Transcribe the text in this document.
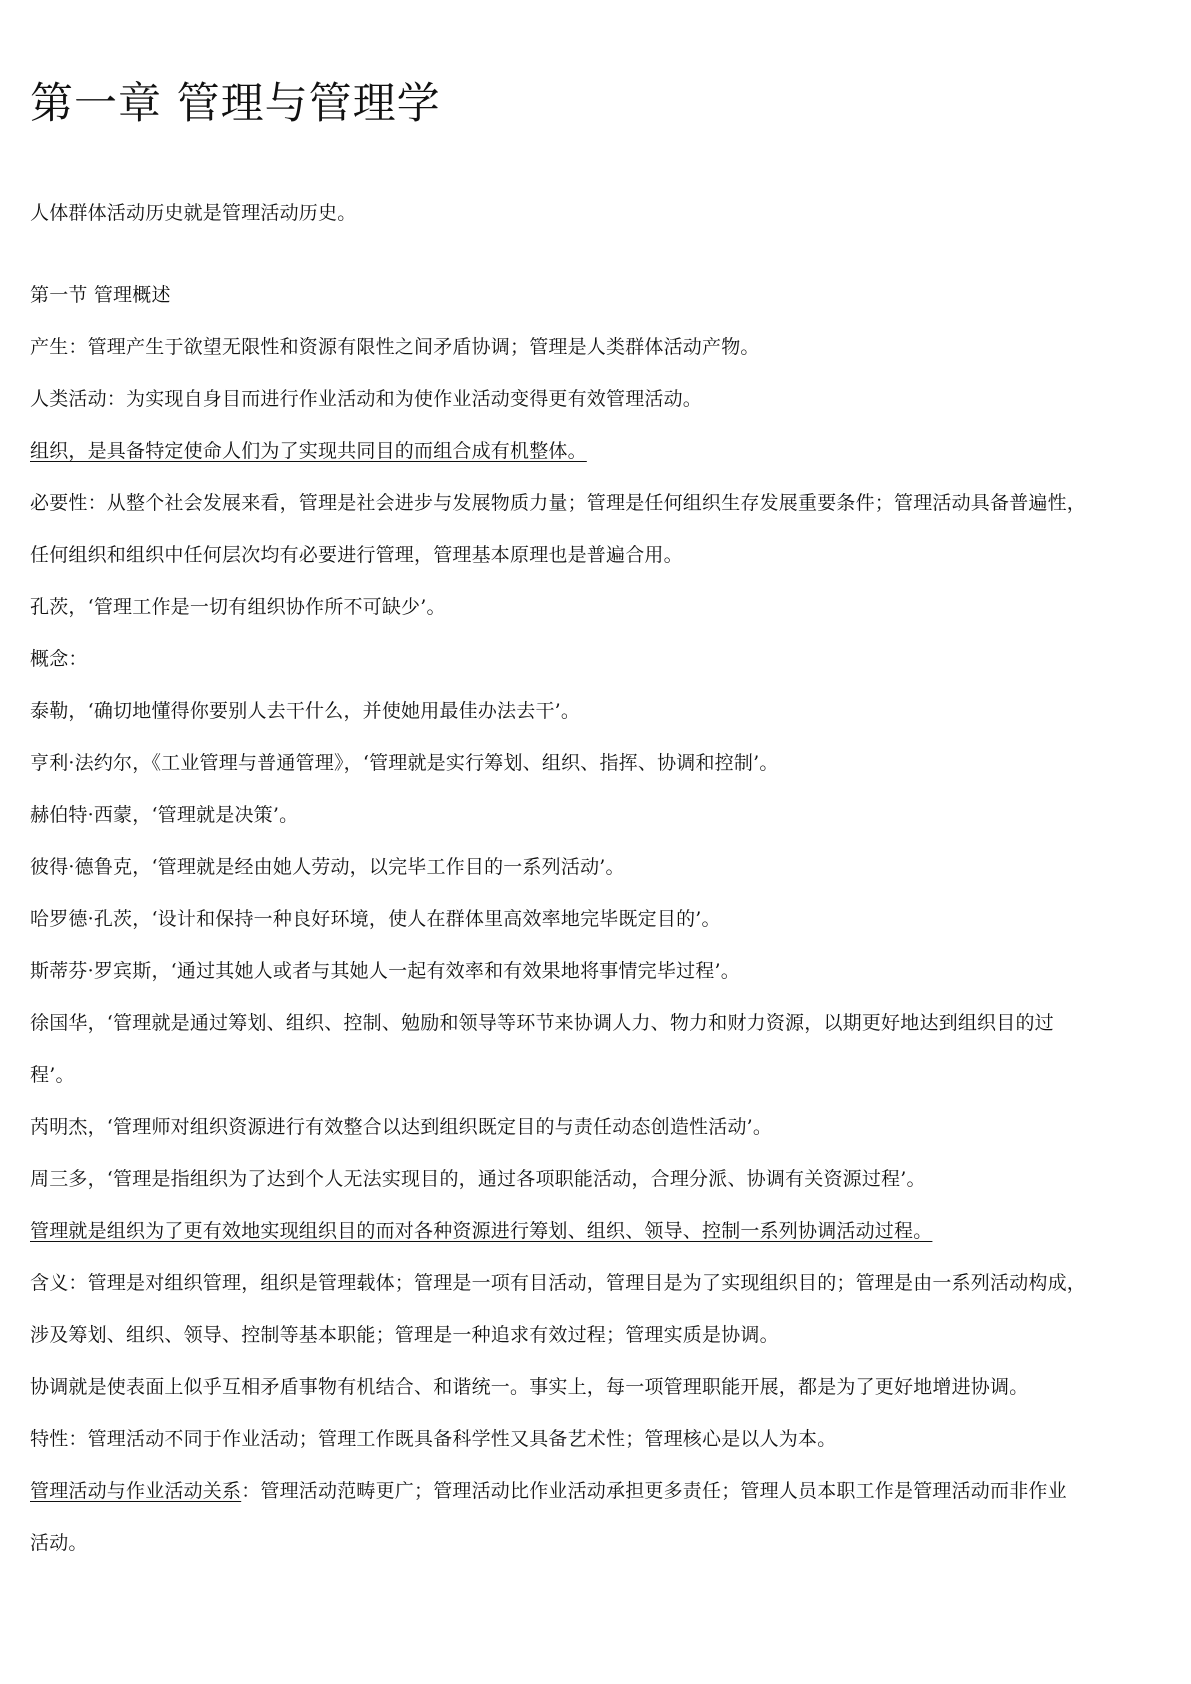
第一章 管理与管理学
人体群体活动历史就是管理活动历史。
第一节 管理概述
产生：管理产生于欲望无限性和资源有限性之间矛盾协调；管理是人类群体活动产物。
人类活动：为实现自身目而进行作业活动和为使作业活动变得更有效管理活动。
组织，是具备特定使命人们为了实现共同目的而组合成有机整体。
必要性：从整个社会发展来看，管理是社会进步与发展物质力量；管理是任何组织生存发展重要条件；管理活动具备普遍性，
任何组织和组织中任何层次均有必要进行管理，管理基本原理也是普遍合用。
孔茨，‘管理工作是一切有组织协作所不可缺少’。
概念：
泰勒，‘确切地懂得你要别人去干什么，并使她用最佳办法去干’。
亨利·法约尔，《工业管理与普通管理》，‘管理就是实行筹划、组织、指挥、协调和控制’。
赫伯特·西蒙，‘管理就是决策’。
彼得·德鲁克，‘管理就是经由她人劳动，以完毕工作目的一系列活动’。
哈罗德·孔茨，‘设计和保持一种良好环境，使人在群体里高效率地完毕既定目的’。
斯蒂芬·罗宾斯，‘通过其她人或者与其她人一起有效率和有效果地将事情完毕过程’。
徐国华，‘管理就是通过筹划、组织、控制、勉励和领导等环节来协调人力、物力和财力资源，以期更好地达到组织目的过
程’。
芮明杰，‘管理师对组织资源进行有效整合以达到组织既定目的与责任动态创造性活动’。
周三多，‘管理是指组织为了达到个人无法实现目的，通过各项职能活动，合理分派、协调有关资源过程’。
管理就是组织为了更有效地实现组织目的而对各种资源进行筹划、组织、领导、控制一系列协调活动过程。
含义：管理是对组织管理，组织是管理载体；管理是一项有目活动，管理目是为了实现组织目的；管理是由一系列活动构成，
涉及筹划、组织、领导、控制等基本职能；管理是一种追求有效过程；管理实质是协调。
协调就是使表面上似乎互相矛盾事物有机结合、和谐统一。事实上，每一项管理职能开展，都是为了更好地增进协调。
特性：管理活动不同于作业活动；管理工作既具备科学性又具备艺术性；管理核心是以人为本。
管理活动与作业活动关系：管理活动范畴更广；管理活动比作业活动承担更多责任；管理人员本职工作是管理活动而非作业
活动。
